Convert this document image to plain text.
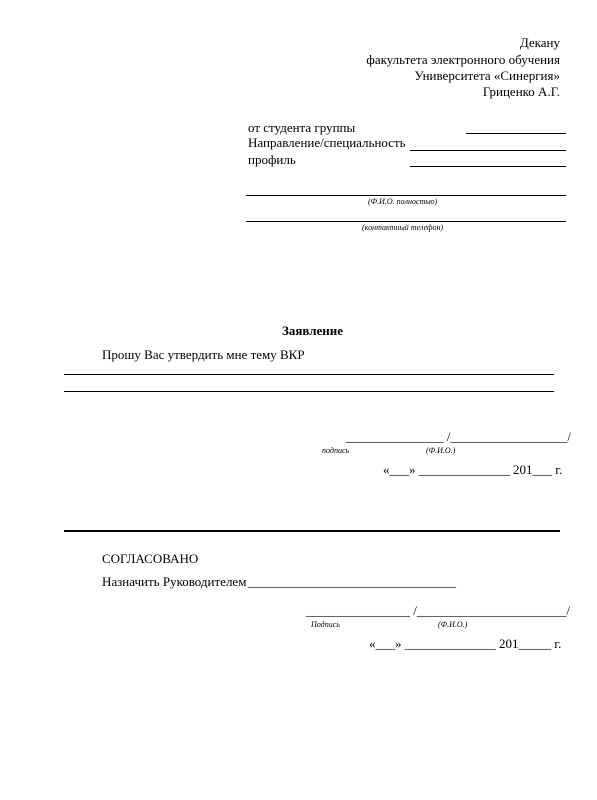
Декану
факультета электронного обучения
Университета «Синергия»
Гриценко А.Г.
от студента группы
Направление/специальность
профиль
(Ф.И.О. полностью)
(контактный телефон)
Заявление
Прошу Вас утвердить мне тему ВКР
_______________ /__________________/
подпись	(Ф.И.О.)
«___» ______________ 201___ г.
СОГЛАСОВАНО
Назначить Руководителем ________________________________
________________ /_______________________/
Подпись	(Ф.И.О.)
«___» ______________ 201_____ г.
